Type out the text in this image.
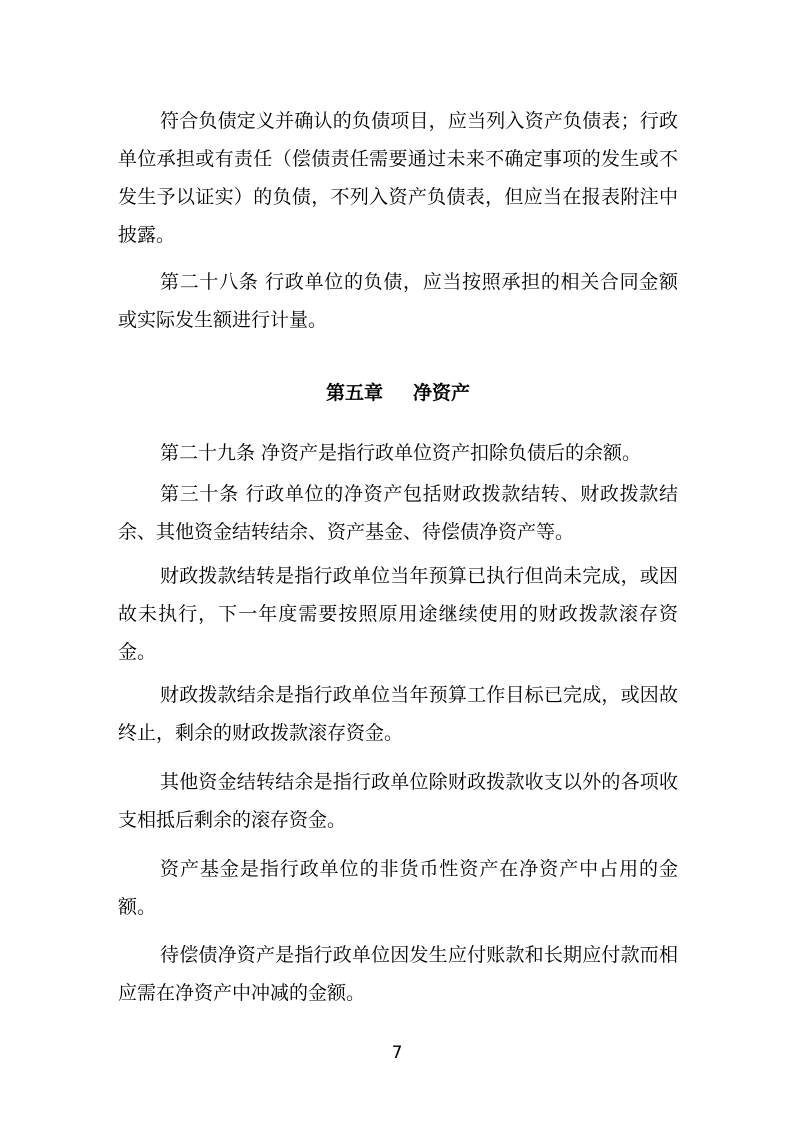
符合负债定义并确认的负债项目，应当列入资产负债表；行政单位承担或有责任（偿债责任需要通过未来不确定事项的发生或不发生予以证实）的负债，不列入资产负债表，但应当在报表附注中披露。

第二十八条 行政单位的负债，应当按照承担的相关合同金额或实际发生额进行计量。

第五章 净资产

第二十九条 净资产是指行政单位资产扣除负债后的余额。

第三十条 行政单位的净资产包括财政拨款结转、财政拨款结余、其他资金结转结余、资产基金、待偿债净资产等。

财政拨款结转是指行政单位当年预算已执行但尚未完成，或因故未执行，下一年度需要按照原用途继续使用的财政拨款滚存资金。

财政拨款结余是指行政单位当年预算工作目标已完成，或因故终止，剩余的财政拨款滚存资金。

其他资金结转结余是指行政单位除财政拨款收支以外的各项收支相抵后剩余的滚存资金。

资产基金是指行政单位的非货币性资产在净资产中占用的金额。

待偿债净资产是指行政单位因发生应付账款和长期应付款而相应需在净资产中冲减的金额。

7
